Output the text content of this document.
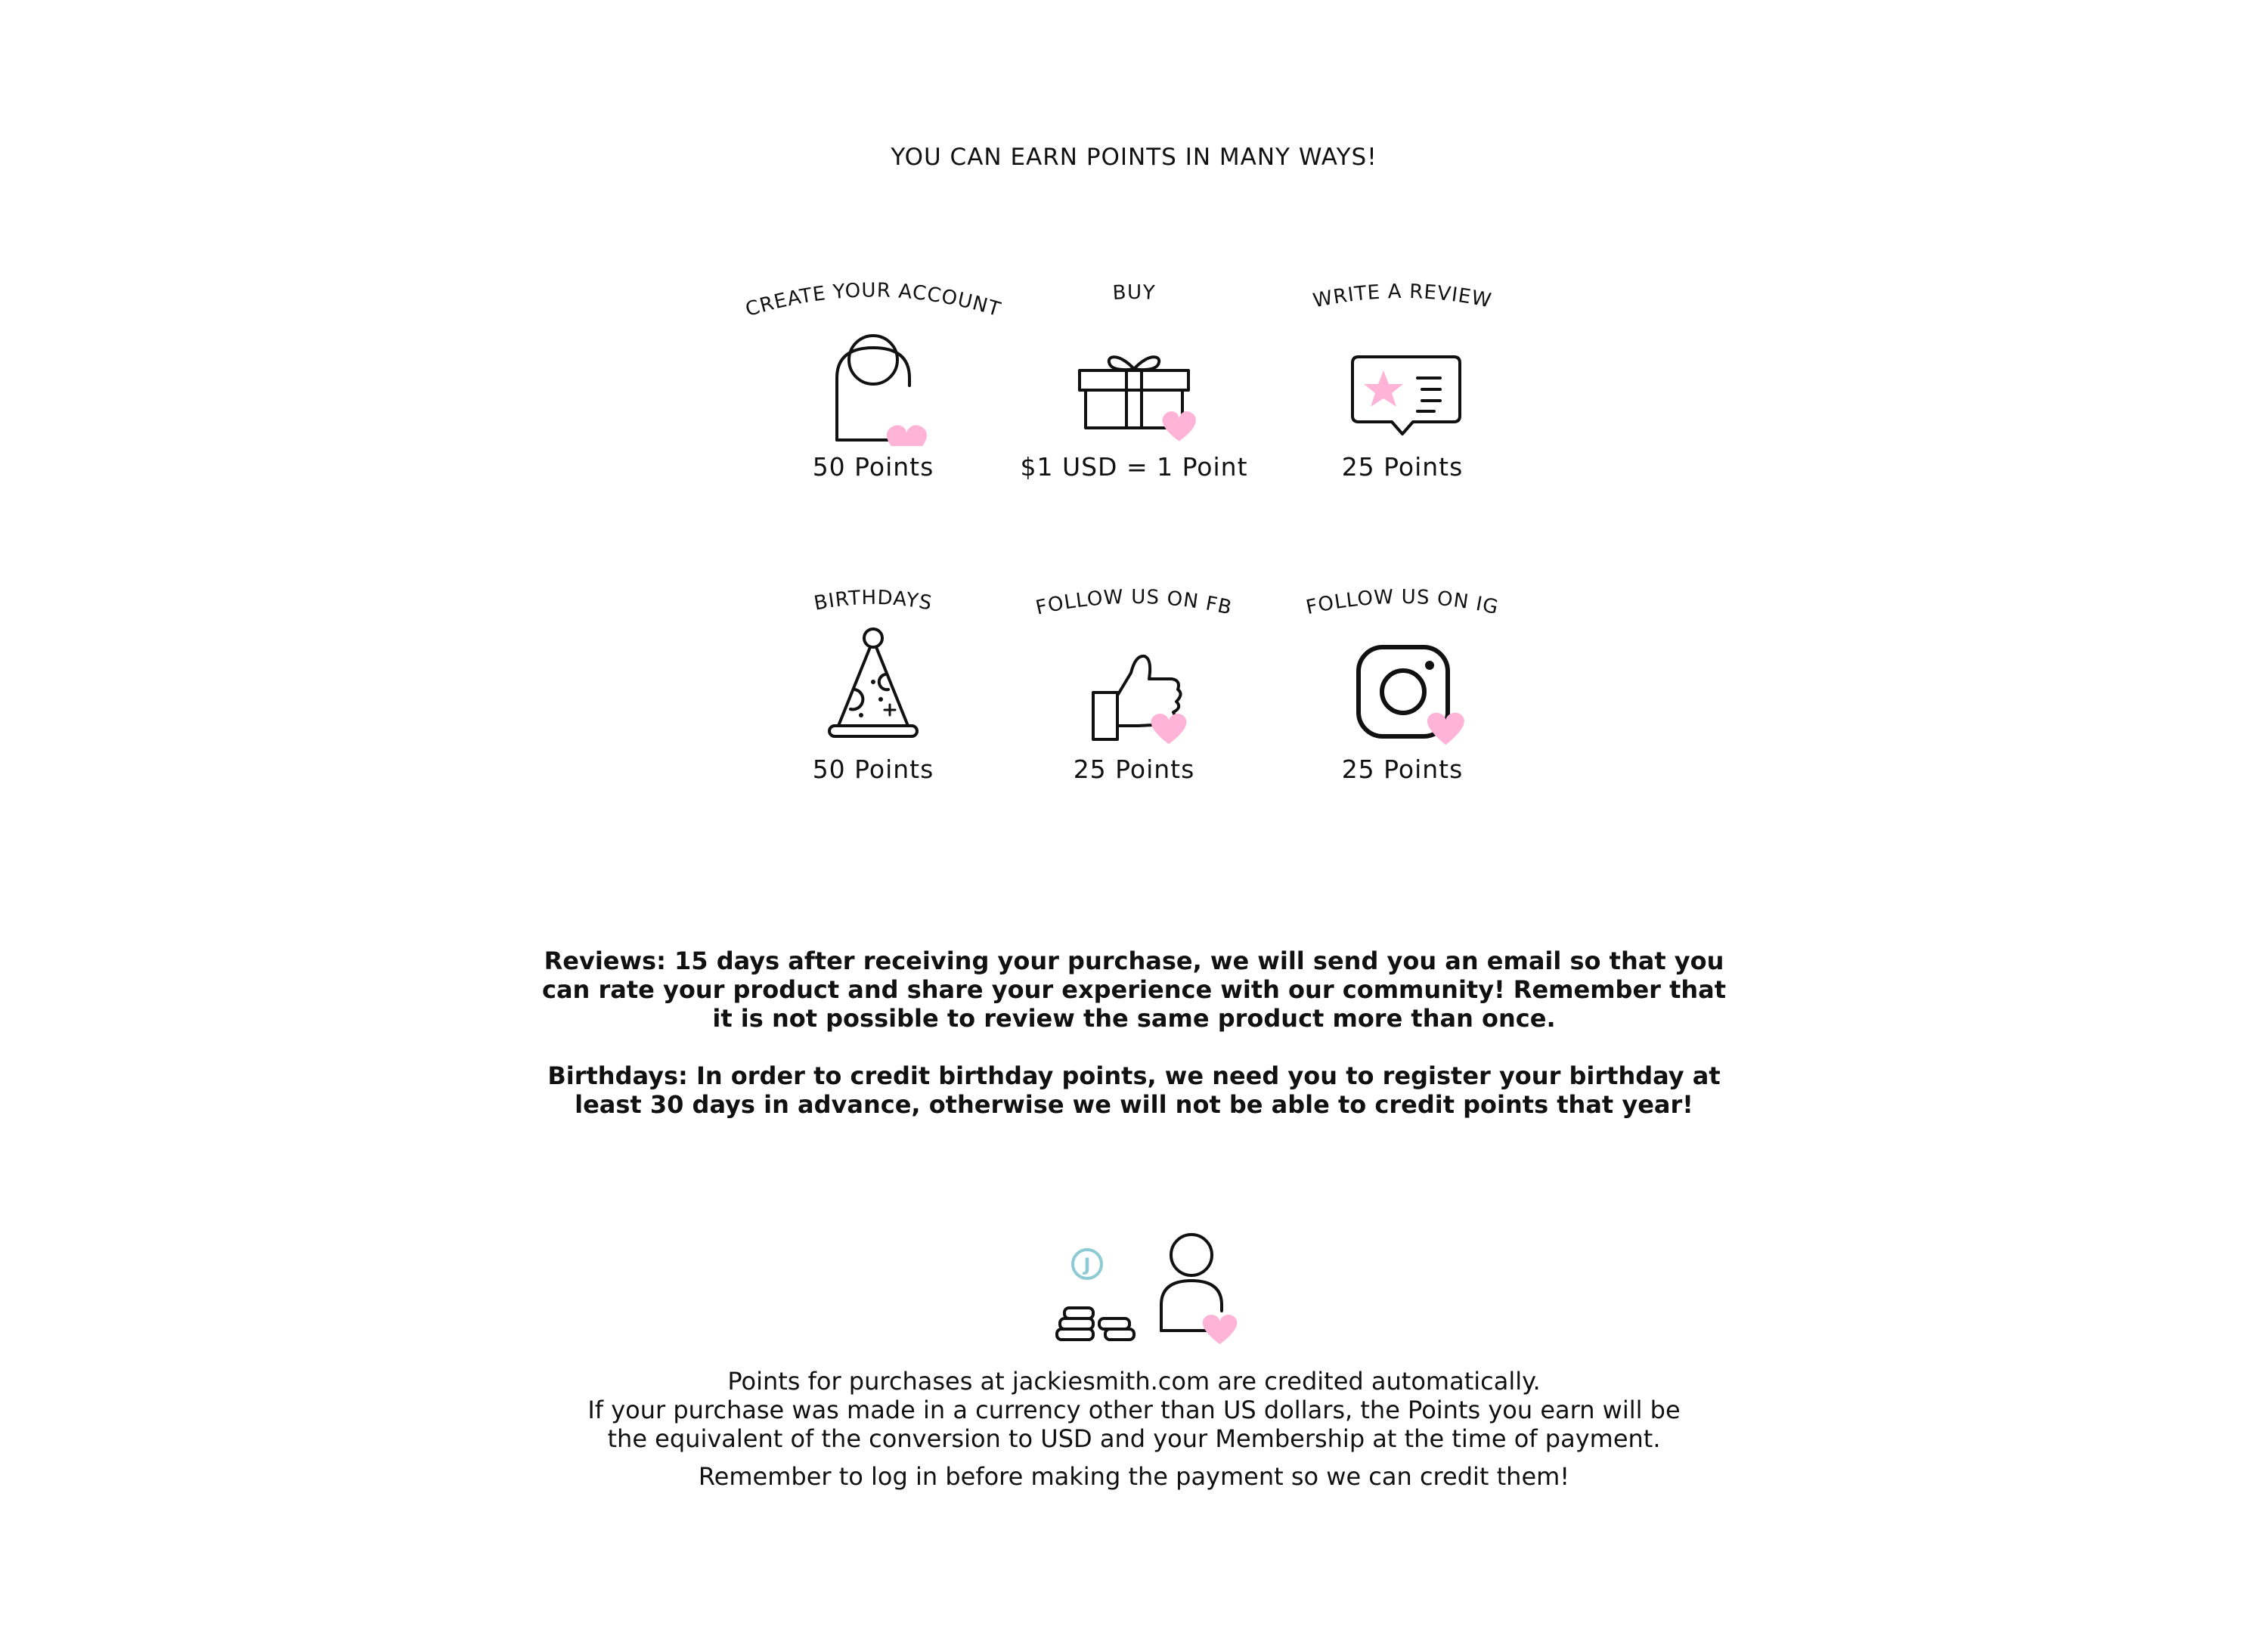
YOU CAN EARN POINTS IN MANY WAYS!
CREATE YOUR ACCOUNT
50 Points
BUY
$1 USD = 1 Point
WRITE A REVIEW
25 Points
BIRTHDAYS
50 Points
FOLLOW US ON FB
25 Points
FOLLOW US ON IG
25 Points

Reviews: 15 days after receiving your purchase, we will send you an email so that you can rate your product and share your experience with our community! Remember that it is not possible to review the same product more than once.

Birthdays: In order to credit birthday points, we need you to register your birthday at least 30 days in advance, otherwise we will not be able to credit points that year!

J

Points for purchases at jackiesmith.com are credited automatically.

If your purchase was made in a currency other than US dollars, the Points you earn will be

the equivalent of the conversion to USD and your Membership at the time of payment.

Remember to log in before making the payment so we can credit them!
